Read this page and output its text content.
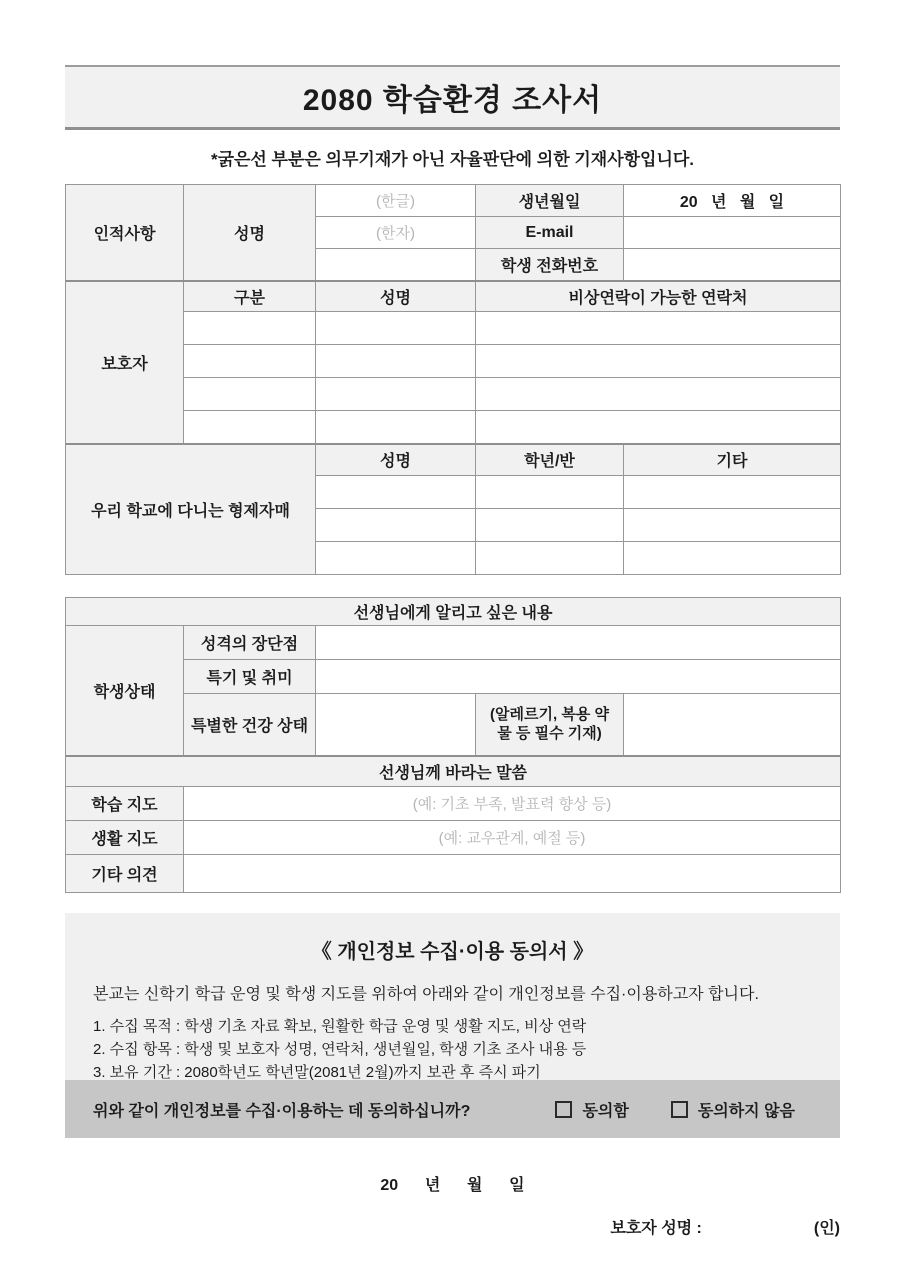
2080 학습환경 조사서
*굵은선 부분은 의무기재가 아닌 자율판단에 의한 기재사항입니다.
인적사항	성명	(한글)	생년월일	20   년   월   일
		(한자)	E-mail	
			학생 전화번호	
보호자	구분	성명	비상연락이 가능한 연락처	

우리 학교에 다니는 형제자매		성명	학년/반	기타

선생님에게 알리고 싶은 내용				
학생상태	성격의 장단점			
	특기 및 취미			
	특별한 건강 상태		(알레르기, 복용 약물 등 필수 기재)	
선생님께 바라는 말씀				
학습 지도	(예: 기초 부족, 발표력 향상 등)			
생활 지도	(예: 교우관계, 예절 등)			
기타 의견				
《 개인정보 수집·이용 동의서 》
본교는 신학기 학급 운영 및 학생 지도를 위하여 아래와 같이 개인정보를 수집·이용하고자 합니다.
1. 수집 목적 : 학생 기초 자료 확보, 원활한 학급 운영 및 생활 지도, 비상 연락
2. 수집 항목 : 학생 및 보호자 성명, 연락처, 생년월일, 학생 기초 조사 내용 등
3. 보유 기간 : 2080학년도 학년말(2081년 2월)까지 보관 후 즉시 파기
위와 같이 개인정보를 수집·이용하는 데 동의하십니까?	동의함	동의하지 않음
20      년      월      일
보호자 성명 :	(인)
